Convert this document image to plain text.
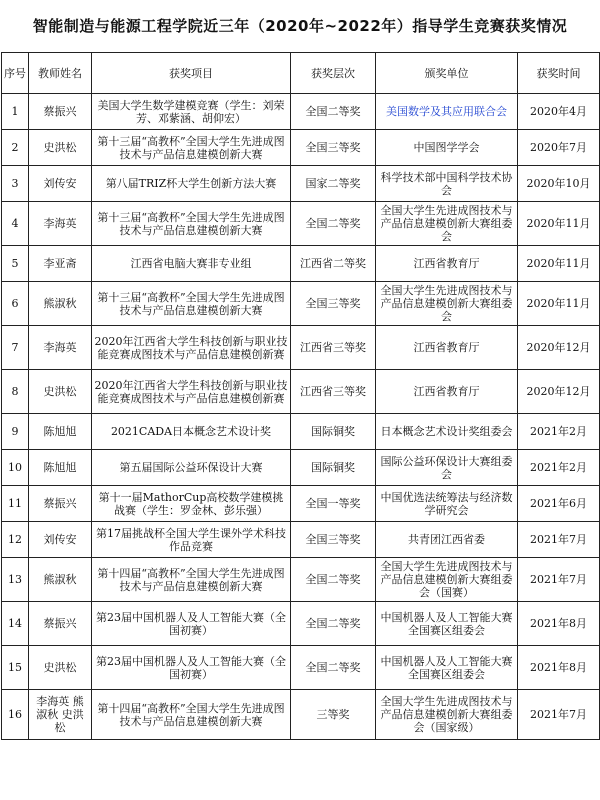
智能制造与能源工程学院近三年（2020年~2022年）指导学生竞赛获奖情况
序号	教师姓名	获奖项目	获奖层次	颁奖单位	获奖时间
1	蔡振兴	美国大学生数学建模竞赛（学生：刘荣芳、邓紫涵、胡仰宏）	全国二等奖	美国数学及其应用联合会	2020年4月
2	史洪松	第十三届“高教杯”全国大学生先进成图技术与产品信息建模创新大赛	全国三等奖	中国图学学会	2020年7月
3	刘传安	第八届TRIZ杯大学生创新方法大赛	国家二等奖	科学技术部中国科学技术协会	2020年10月
4	李海英	第十三届“高教杯”全国大学生先进成图技术与产品信息建模创新大赛	全国二等奖	全国大学生先进成图技术与产品信息建模创新大赛组委会	2020年11月
5	李亚斋	江西省电脑大赛非专业组	江西省二等奖	江西省教育厅	2020年11月
6	熊淑秋	第十三届“高教杯”全国大学生先进成图技术与产品信息建模创新大赛	全国三等奖	全国大学生先进成图技术与产品信息建模创新大赛组委会	2020年11月
7	李海英	2020年江西省大学生科技创新与职业技能竞赛成图技术与产品信息建模创新赛	江西省三等奖	江西省教育厅	2020年12月
8	史洪松	2020年江西省大学生科技创新与职业技能竞赛成图技术与产品信息建模创新赛	江西省三等奖	江西省教育厅	2020年12月
9	陈旭旭	2021CADA日本概念艺术设计奖	国际铜奖	日本概念艺术设计奖组委会	2021年2月
10	陈旭旭	第五届国际公益环保设计大赛	国际铜奖	国际公益环保设计大赛组委会	2021年2月
11	蔡振兴	第十一届MathorCup高校数学建模挑战赛（学生：罗金林、彭乐强）	全国一等奖	中国优选法统筹法与经济数学研究会	2021年6月
12	刘传安	第17届挑战杯全国大学生课外学术科技作品竞赛	全国三等奖	共青团江西省委	2021年7月
13	熊淑秋	第十四届“高教杯”全国大学生先进成图技术与产品信息建模创新大赛	全国二等奖	全国大学生先进成图技术与产品信息建模创新大赛组委会（国赛）	2021年7月
14	蔡振兴	第23届中国机器人及人工智能大赛（全国初赛）	全国二等奖	中国机器人及人工智能大赛全国赛区组委会	2021年8月
15	史洪松	第23届中国机器人及人工智能大赛（全国初赛）	全国二等奖	中国机器人及人工智能大赛全国赛区组委会	2021年8月
16	李海英 熊淑秋 史洪松	第十四届“高教杯”全国大学生先进成图技术与产品信息建模创新大赛	三等奖	全国大学生先进成图技术与产品信息建模创新大赛组委会（国家级）	2021年7月
